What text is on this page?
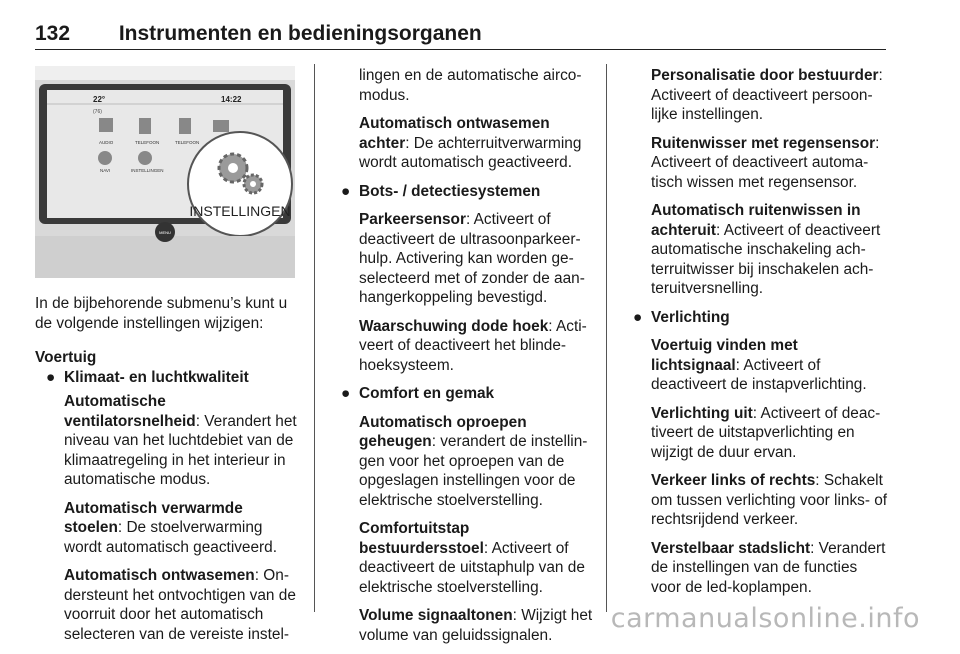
132 Instrumenten en bedieningsorganen
22°
(76)
14:22
AUDIO	TELEFOON	TELEFOON
NAVI	INSTELLINGEN
INSTELLINGEN
MENU

In de bijbehorende submenu’s kunt u de volgende instellingen wijzigen:

Voertuig

● Klimaat- en luchtkwaliteit

Automatische ventilatorsnelheid: Verandert het niveau van het luchtdebiet van de klimaatregeling in het interieur in automatische modus.

Automatisch verwarmde stoelen: De stoelverwarming wordt automatisch geactiveerd.

Automatisch ontwasemen: Ondersteunt het ontvochtigen van de voorruit door het automatisch selecteren van de vereiste instel-

lingen en de automatische aircomodus.

Automatisch ontwasemen achter: De achterruitverwarming wordt automatisch geactiveerd.

● Bots- / detectiesystemen

Parkeersensor: Activeert of deactiveert de ultrasoonparkeerhulp. Activering kan worden geselecteerd met of zonder de aanhangerkoppeling bevestigd.

Waarschuwing dode hoek: Activeert of deactiveert het blinde-hoeksysteem.

● Comfort en gemak

Automatisch oproepen geheugen: verandert de instellingen voor het oproepen van de opgeslagen instellingen voor de elektrische stoelverstelling.

Comfortuitstap bestuurdersstoel: Activeert of deactiveert de uitstaphulp van de elektrische stoelverstelling.

Volume signaaltonen: Wijzigt het volume van geluidssignalen.

Personalisatie door bestuurder: Activeert of deactiveert persoonlijke instellingen.

Ruitenwisser met regensensor: Activeert of deactiveert automatisch wissen met regensensor.

Automatisch ruitenwissen in achteruit: Activeert of deactiveert automatische inschakeling achterruitwisser bij inschakelen achteruitversnelling.

● Verlichting

Voertuig vinden met lichtsignaal: Activeert of deactiveert de instapverlichting.

Verlichting uit: Activeert of deactiveert de uitstapverlichting en wijzigt de duur ervan.

Verkeer links of rechts: Schakelt om tussen verlichting voor links- of rechtsrijdend verkeer.

Verstelbaar stadslicht: Verandert de instellingen van de functies voor de led-koplampen.

carmanualsonline.info
